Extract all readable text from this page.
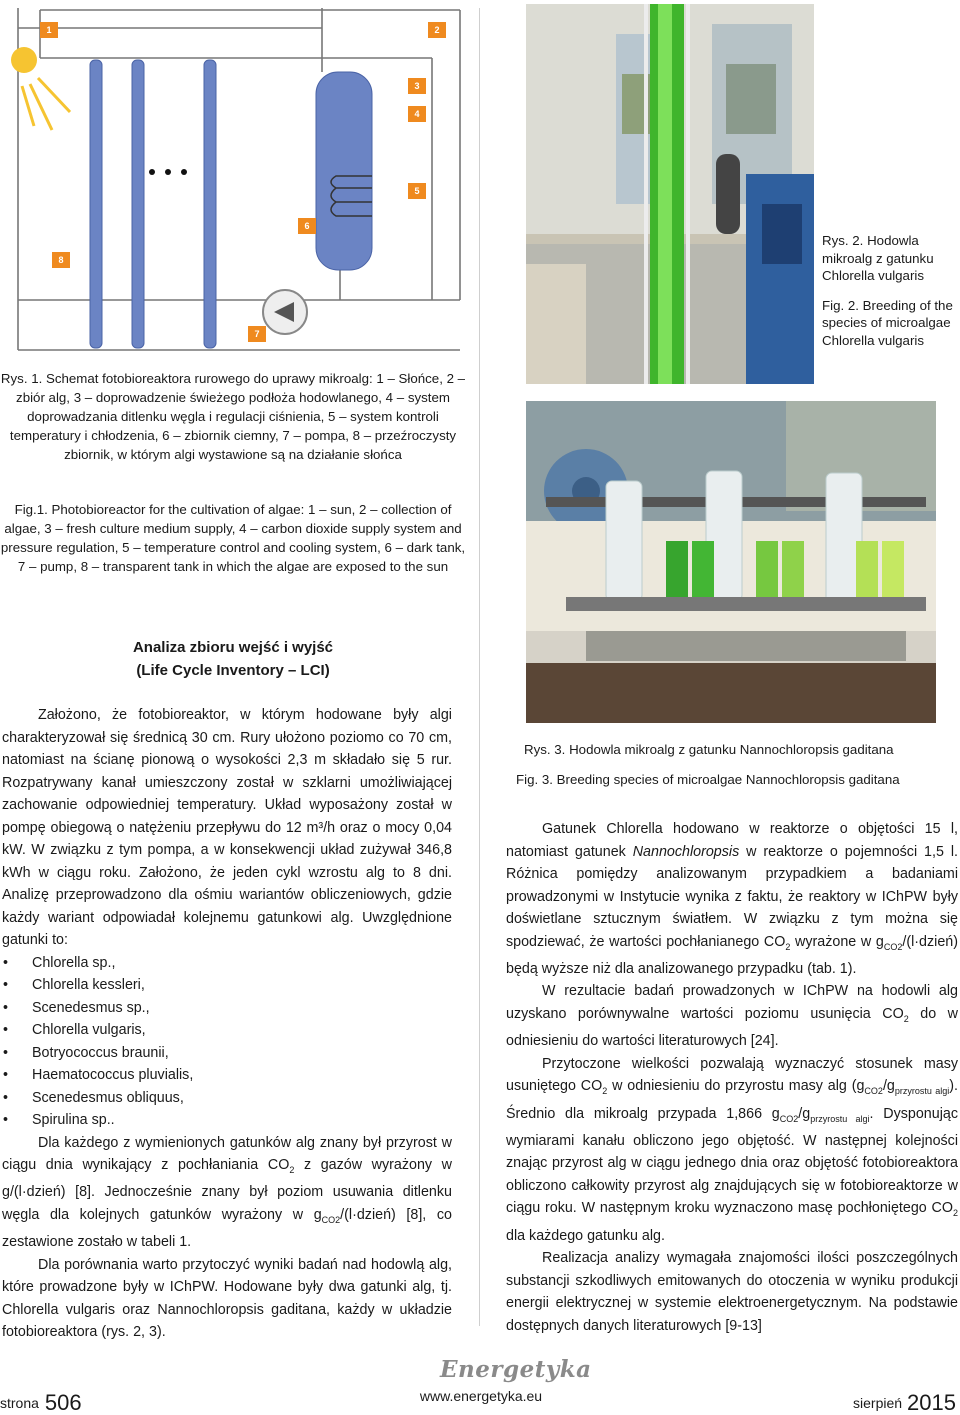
1	2
3
4
5
6
7
8
Rys. 1. Schemat fotobioreaktora rurowego do uprawy mikroalg: 1 – Słońce, 2 – zbiór alg, 3 – doprowadzenie świeżego podłoża hodowlanego, 4 – system doprowadzania ditlenku węgla i regulacji ciśnienia, 5 – system kontroli temperatury i chłodzenia, 6 – zbiornik ciemny, 7 – pompa, 8 – przeźroczysty zbiornik, w którym algi wystawione są na działanie słońca
Fig.1. Photobioreactor for the cultivation of algae: 1 – sun, 2 – collection of algae, 3 – fresh culture medium supply, 4 – carbon dioxide supply system and pressure regulation, 5 – temperature control and cooling system, 6 – dark tank, 7 – pump, 8 – transparent tank in which the algae are exposed to the sun
Analiza zbioru wejść i wyjść
(Life Cycle Inventory – LCI)

Założono, że fotobioreaktor, w którym hodowane były algi charakteryzował się średnicą 30 cm. Rury ułożono poziomo co 70 cm, natomiast na ścianę pionową o wysokości 2,3 m składało się 5 rur. Rozpatrywany kanał umieszczony został w szklarni umożliwiającej zachowanie odpowiedniej temperatury. Układ wyposażony został w pompę obiegową o natężeniu przepływu do 12 m³/h oraz o mocy 0,04 kW. W związku z tym pompa, a w konsekwencji układ zużywał 346,8 kWh w ciągu roku. Założono, że jeden cykl wzrostu alg to 8 dni. Analizę przeprowadzono dla ośmiu wariantów obliczeniowych, gdzie każdy wariant odpowiadał kolejnemu gatunkowi alg. Uwzględnione gatunki to:

• Chlorella sp.,
• Chlorella kessleri,
• Scenedesmus sp.,
• Chlorella vulgaris,
• Botryococcus braunii,
• Haematococcus pluvialis,
• Scenedesmus obliquus,
• Spirulina sp..

Dla każdego z wymienionych gatunków alg znany był przyrost w ciągu dnia wynikający z pochłaniania $CO_2$ z gazów wyrażony w g/(l·dzień) [8]. Jednocześnie znany był poziom usuwania ditlenku węgla dla kolejnych gatunków wyrażony w $g_{CO2}/(l\cdot dzień)$ [8], co zestawione zostało w tabeli 1.

Dla porównania warto przytoczyć wyniki badań nad hodowlą alg, które prowadzone były w IChPW. Hodowane były dwa gatunki alg, tj. Chlorella vulgaris oraz Nannochloropsis gaditana, każdy w układzie fotobioreaktora (rys. 2, 3).

Rys. 2. Hodowla mikroalg z gatunku Chlorella vulgaris
Fig. 2. Breeding of the species of microalgae Chlorella vulgaris
Rys. 3. Hodowla mikroalg z gatunku Nannochloropsis gaditana
Fig. 3. Breeding species of microalgae Nannochloropsis gaditana

Gatunek Chlorella hodowano w reaktorze o objętości 15 l, natomiast gatunek Nannochloropsis w reaktorze o pojemności 1,5 l. Różnica pomiędzy analizowanym przypadkiem a badaniami prowadzonymi w Instytucie wynika z faktu, że reaktory w IChPW były doświetlane sztucznym światłem. W związku z tym można się spodziewać, że wartości pochłanianego $CO_2$ wyrażone w $g_{CO2}/(l\cdot dzień)$ będą wyższe niż dla analizowanego przypadku (tab. 1).

W rezultacie badań prowadzonych w IChPW na hodowli alg uzyskano porównywalne wartości poziomu usunięcia $CO_2$ do w odniesieniu do wartości literaturowych [24].

Przytoczone wielkości pozwalają wyznaczyć stosunek masy usuniętego $CO_2$ w odniesieniu do przyrostu masy alg $(g_{CO2}/g_{przyrostu algi})$. Średnio dla mikroalg przypada 1,866 $g_{CO2}/g_{przyrostu algi}$. Dysponując wymiarami kanału obliczono jego objętość. W następnej kolejności znając przyrost alg w ciągu jednego dnia oraz objętość fotobioreaktora obliczono całkowity przyrost alg znajdujących się w fotobioreaktorze w ciągu roku. W następnym kroku wyznaczono masę pochłoniętego $CO_2$ dla każdego gatunku alg.

Realizacja analizy wymagała znajomości ilości poszczególnych substancji szkodliwych emitowanych do otoczenia w wyniku produkcji energii elektrycznej w systemie elektroenergetycznym. Na podstawie dostępnych danych literaturowych [9-13]

Energetyka
strona 506	www.energetyka.eu	sierpień 2015
